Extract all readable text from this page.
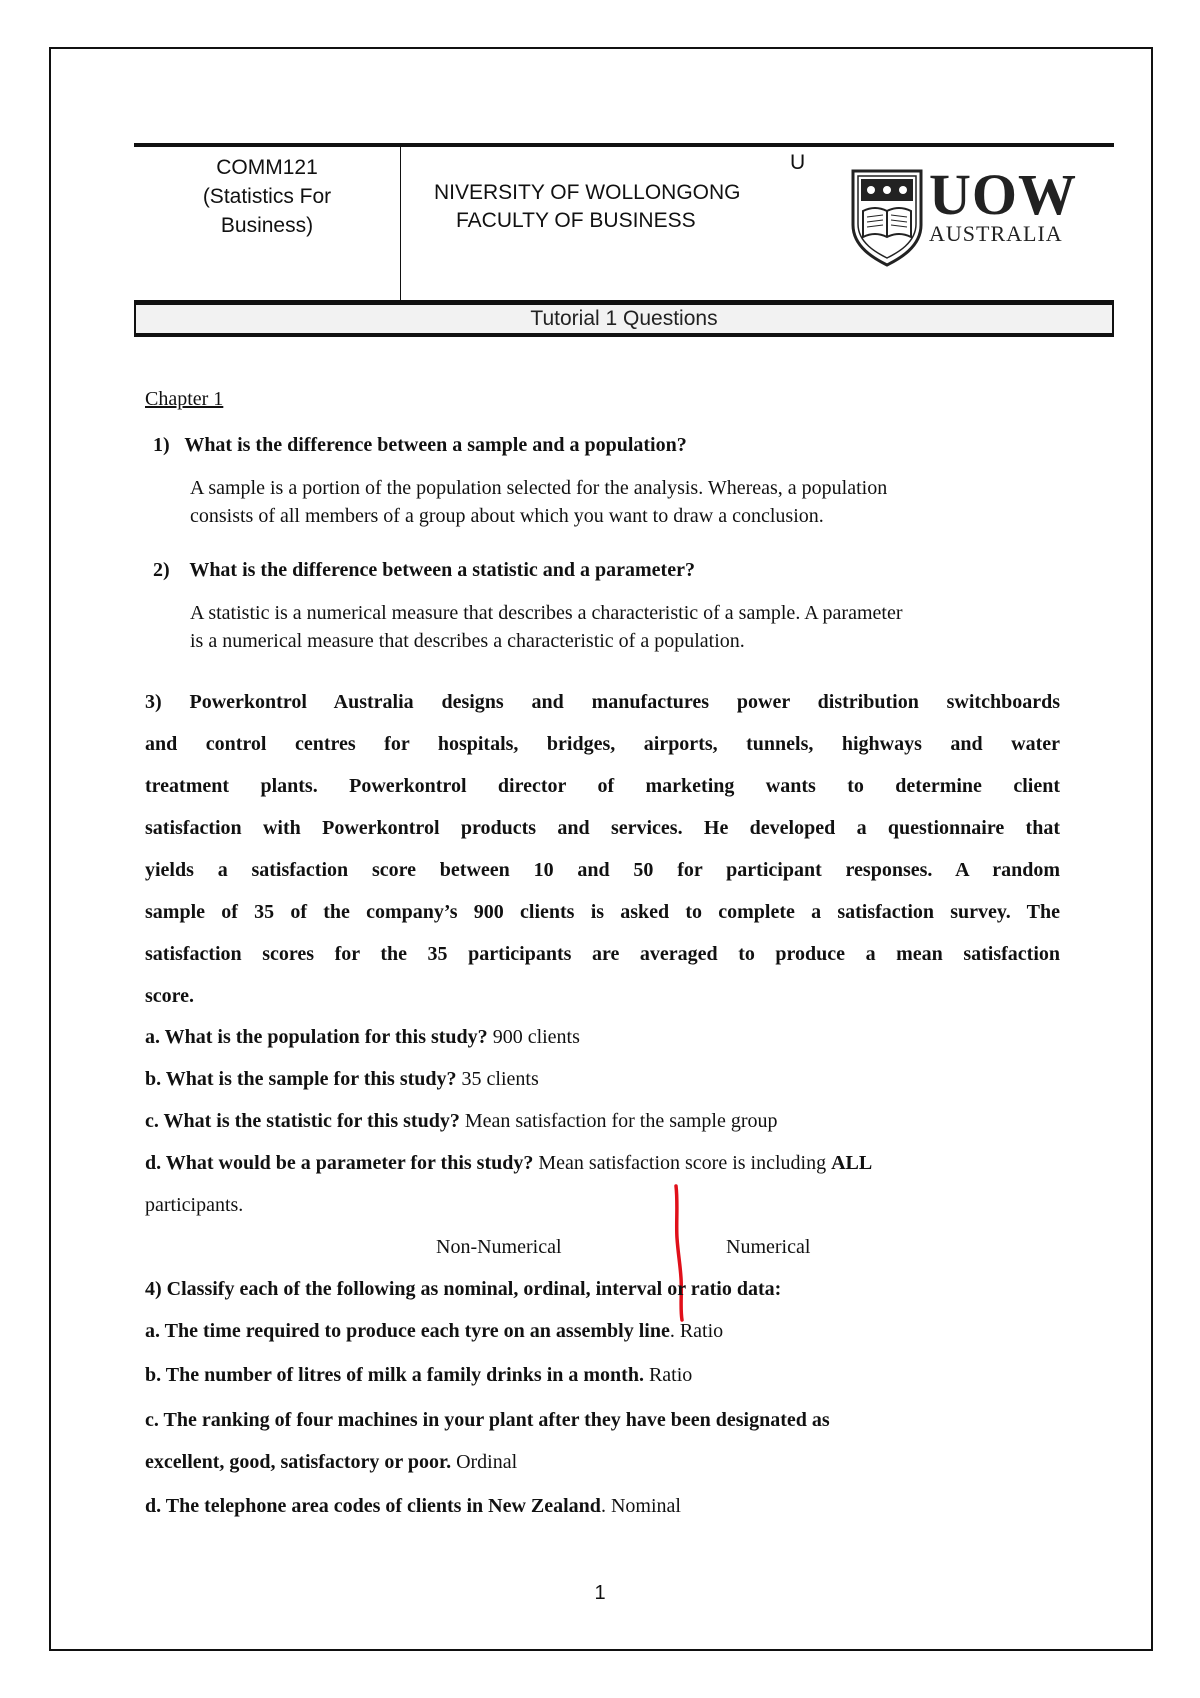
COMM121
(Statistics For
Business)
U
NIVERSITY OF WOLLONGONG
FACULTY OF BUSINESS	UOW
AUSTRALIA
Tutorial 1 Questions
Chapter 1
1) What is the difference between a sample and a population?
A sample is a portion of the population selected for the analysis. Whereas, a population
consists of all members of a group about which you want to draw a conclusion.
2) What is the difference between a statistic and a parameter?
A statistic is a numerical measure that describes a characteristic of a sample. A parameter
is a numerical measure that describes a characteristic of a population.
3) Powerkontrol Australia designs and manufactures power distribution switchboards
and control centres for hospitals, bridges, airports, tunnels, highways and water
treatment plants. Powerkontrol director of marketing wants to determine client
satisfaction with Powerkontrol products and services. He developed a questionnaire that
yields a satisfaction score between 10 and 50 for participant responses. A random
sample of 35 of the company’s 900 clients is asked to complete a satisfaction survey. The
satisfaction scores for the 35 participants are averaged to produce a mean satisfaction
score.
a. What is the population for this study? 900 clients
b. What is the sample for this study? 35 clients
c. What is the statistic for this study? Mean satisfaction for the sample group
d. What would be a parameter for this study? Mean satisfaction score is including ALL
participants.
Non-Numerical	Numerical
4) Classify each of the following as nominal, ordinal, interval or ratio data:
a. The time required to produce each tyre on an assembly line. Ratio
b. The number of litres of milk a family drinks in a month. Ratio
c. The ranking of four machines in your plant after they have been designated as
excellent, good, satisfactory or poor. Ordinal
d. The telephone area codes of clients in New Zealand. Nominal
1
